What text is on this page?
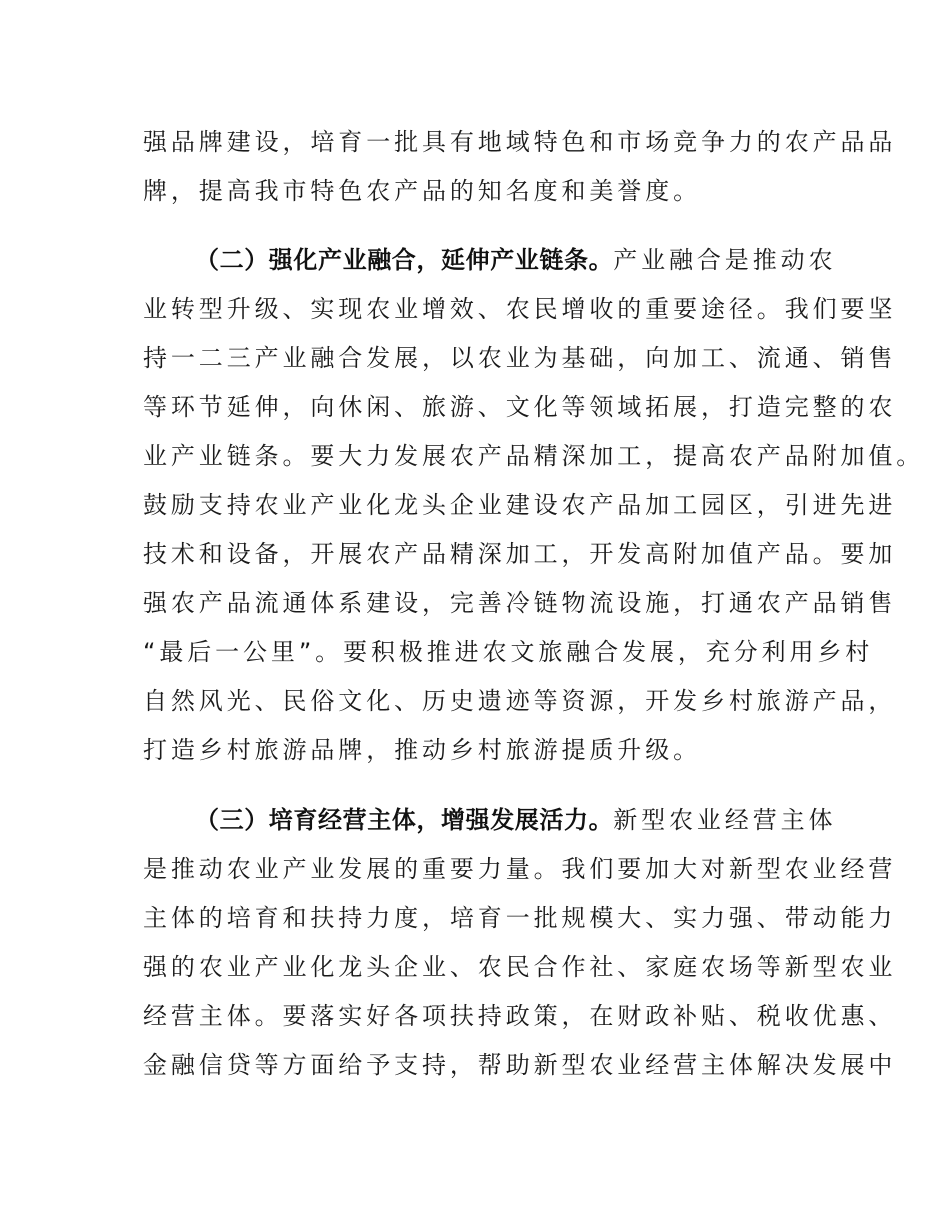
强品牌建设，培育一批具有地域特色和市场竞争力的农产品品
牌，提高我市特色农产品的知名度和美誉度。
（二）强化产业融合，延伸产业链条。产业融合是推动农
业转型升级、实现农业增效、农民增收的重要途径。我们要坚
持一二三产业融合发展，以农业为基础，向加工、流通、销售
等环节延伸，向休闲、旅游、文化等领域拓展，打造完整的农
业产业链条。要大力发展农产品精深加工，提高农产品附加值。
鼓励支持农业产业化龙头企业建设农产品加工园区，引进先进
技术和设备，开展农产品精深加工，开发高附加值产品。要加
强农产品流通体系建设，完善冷链物流设施，打通农产品销售
“最后一公里”。要积极推进农文旅融合发展，充分利用乡村
自然风光、民俗文化、历史遗迹等资源，开发乡村旅游产品，
打造乡村旅游品牌，推动乡村旅游提质升级。
（三）培育经营主体，增强发展活力。新型农业经营主体
是推动农业产业发展的重要力量。我们要加大对新型农业经营
主体的培育和扶持力度，培育一批规模大、实力强、带动能力
强的农业产业化龙头企业、农民合作社、家庭农场等新型农业
经营主体。要落实好各项扶持政策，在财政补贴、税收优惠、
金融信贷等方面给予支持，帮助新型农业经营主体解决发展中
